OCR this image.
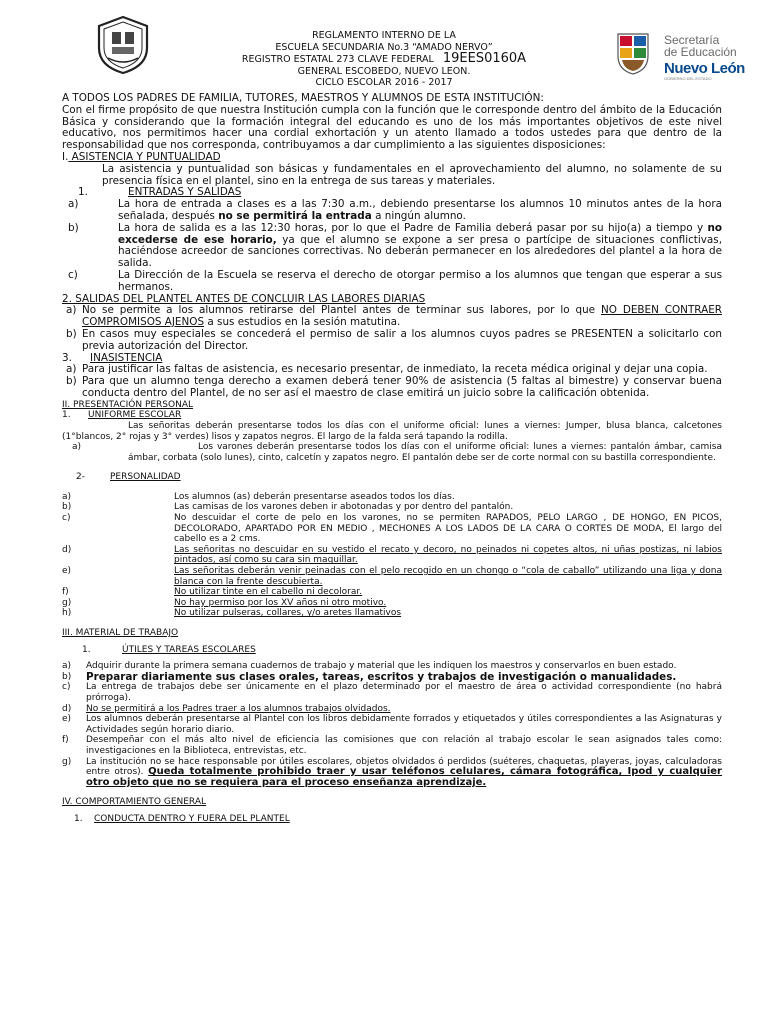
Secretaría
de Educación
Nuevo León
GOBIERNO DEL ESTADO
REGLAMENTO INTERNO DE LA
ESCUELA SECUNDARIA No.3 “AMADO NERVO”
REGISTRO ESTATAL 273 CLAVE FEDERAL 19EES0160A
GENERAL ESCOBEDO, NUEVO LEON.
CICLO ESCOLAR 2016 - 2017

A TODOS LOS PADRES DE FAMILIA, TUTORES, MAESTROS Y ALUMNOS DE ESTA INSTITUCIÓN:

Con el firme propósito de que nuestra Institución cumpla con la función que le corresponde dentro del ámbito de la Educación Básica y considerando que la formación integral del educando es uno de los más importantes objetivos de este nivel educativo, nos permitimos hacer una cordial exhortación y un atento llamado a todos ustedes para que dentro de la responsabilidad que nos corresponda, contribuyamos a dar cumplimiento a las siguientes disposiciones:

I. ASISTENCIA Y PUNTUALIDAD

La asistencia y puntualidad son básicas y fundamentales en el aprovechamiento del alumno, no solamente de su presencia física en el plantel, sino en la entrega de sus tareas y materiales.

1.	ENTRADAS Y SALIDAS
a)	La hora de entrada a clases es a las 7:30 a.m., debiendo presentarse los alumnos 10 minutos antes de la hora señalada, después no se permitirá la entrada a ningún alumno.
b)	La hora de salida es a las 12:30 horas, por lo que el Padre de Familia deberá pasar por su hijo(a) a tiempo y no excederse de ese horario, ya que el alumno se expone a ser presa o partícipe de situaciones conflictivas, haciéndose acreedor de sanciones correctivas. No deberán permanecer en los alrededores del plantel a la hora de salida.
c)	La Dirección de la Escuela se reserva el derecho de otorgar permiso a los alumnos que tengan que esperar a sus hermanos.

2. SALIDAS DEL PLANTEL ANTES DE CONCLUIR LAS LABORES DIARIAS

a) No se permite a los alumnos retirarse del Plantel antes de terminar sus labores, por lo que NO DEBEN CONTRAER COMPROMISOS AJENOS a sus estudios en la sesión matutina.
b) En casos muy especiales se concederá el permiso de salir a los alumnos cuyos padres se PRESENTEN a solicitarlo con previa autorización del Director.
3.	INASISTENCIA
a) Para justificar las faltas de asistencia, es necesario presentar, de inmediato, la receta médica original y dejar una copia.
b) Para que un alumno tenga derecho a examen deberá tener 90% de asistencia (5 faltas al bimestre) y conservar buena conducta dentro del Plantel, de no ser así el maestro de clase emitirá un juicio sobre la calificación obtenida.

II. PRESENTACIÓN PERSONAL

1.	UNIFORME ESCOLAR

Las señoritas deberán presentarse todos los días con el uniforme oficial: lunes a viernes: Jumper, blusa blanca, calcetones (1°blancos, 2° rojas y 3° verdes) lisos y zapatos negros. El largo de la falda será tapando la rodilla.

a)	Los varones deberán presentarse todos los días con el uniforme oficial: lunes a viernes: pantalón ámbar, camisa ámbar, corbata (solo lunes), cinto, calcetín y zapatos negro. El pantalón debe ser de corte normal con su bastilla correspondiente.
2-	PERSONALIDAD
a)	Los alumnos (as) deberán presentarse aseados todos los días.
b)	Las camisas de los varones deben ir abotonadas y por dentro del pantalón.
c)	No descuidar el corte de pelo en los varones, no se permiten RAPADOS, PELO LARGO , DE HONGO, EN PICOS, DECOLORADO, APARTADO POR EN MEDIO , MECHONES A LOS LADOS DE LA CARA O CORTES DE MODA, El largo del cabello es a 2 cms.
d)	Las señoritas no descuidar en su vestido el recato y decoro, no peinados ni copetes altos, ni uñas postizas, ni labios pintados, así como su cara sin maquillar.
e)	Las señoritas deberán venir peinadas con el pelo recogido en un chongo o “cola de caballo” utilizando una liga y dona blanca con la frente descubierta.
f)	No utilizar tinte en el cabello ni decolorar.
g)	No hay permiso por los XV años ni otro motivo.
h)	No utilizar pulseras, collares, y/o aretes llamativos

III. MATERIAL DE TRABAJO

1.	ÚTILES Y TAREAS ESCOLARES
a)	Adquirir durante la primera semana cuadernos de trabajo y material que les indiquen los maestros y conservarlos en buen estado.
b)	Preparar diariamente sus clases orales, tareas, escritos y trabajos de investigación o manualidades.
c)	La entrega de trabajos debe ser únicamente en el plazo determinado por el maestro de área o actividad correspondiente (no habrá prórroga).
d)	No se permitirá a los Padres traer a los alumnos trabajos olvidados.
e)	Los alumnos deberán presentarse al Plantel con los libros debidamente forrados y etiquetados y útiles correspondientes a las Asignaturas y Actividades según horario diario.
f)	Desempeñar con el más alto nivel de eficiencia las comisiones que con relación al trabajo escolar le sean asignados tales como: investigaciones en la Biblioteca, entrevistas, etc.
g)	La institución no se hace responsable por útiles escolares, objetos olvidados ó perdidos (suéteres, chaquetas, playeras, joyas, calculadoras entre otros). Queda totalmente prohibido traer y usar teléfonos celulares, cámara fotográfica, Ipod y cualquier otro objeto que no se requiera para el proceso enseñanza aprendizaje.

IV. COMPORTAMIENTO GENERAL

1.	CONDUCTA DENTRO Y FUERA DEL PLANTEL
